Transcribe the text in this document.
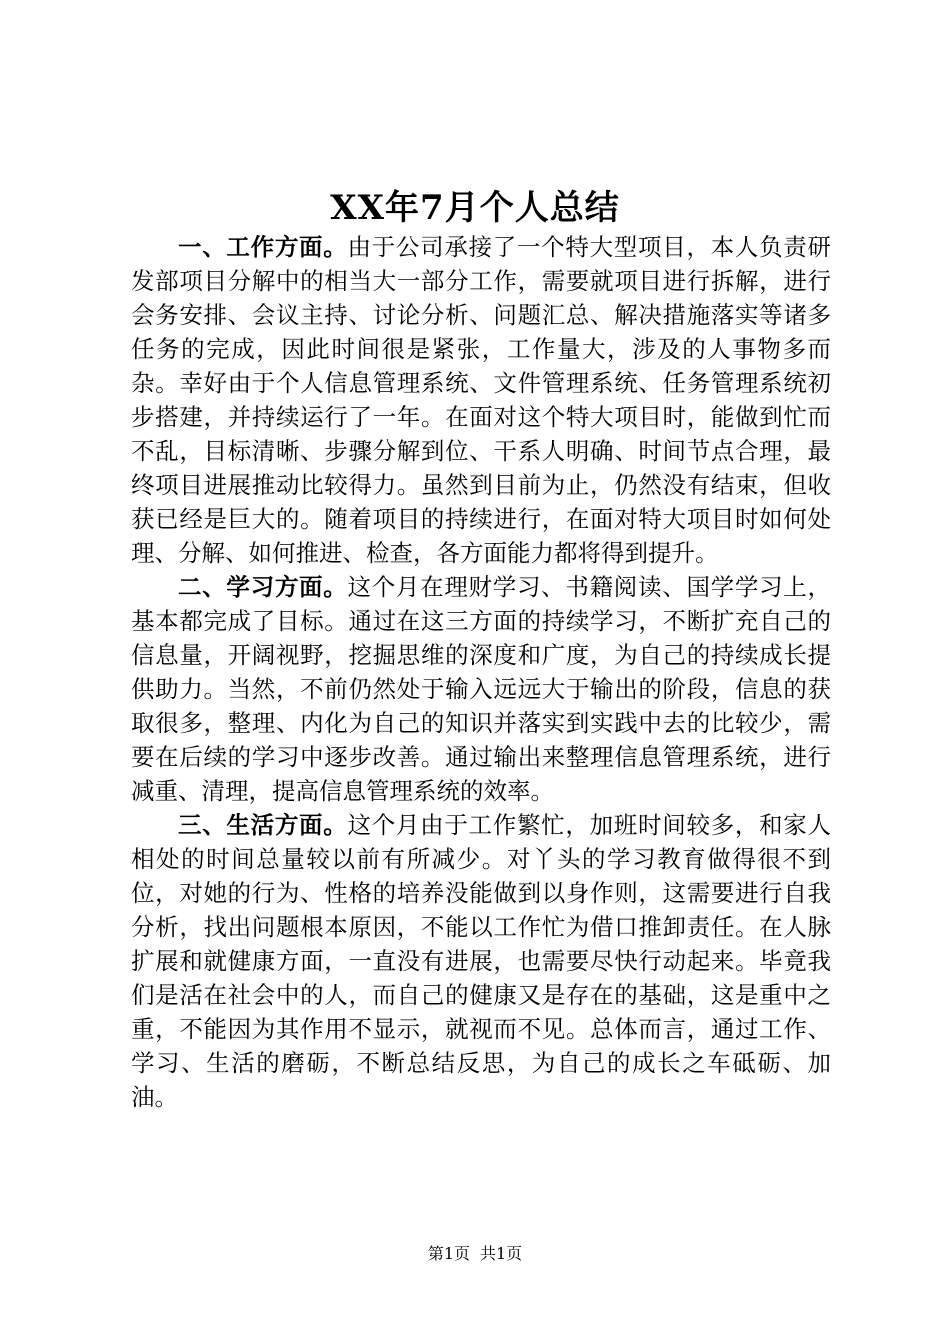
XX年7月个人总结

一、工作方面。由于公司承接了一个特大型项目，本人负责研发部项目分解中的相当大一部分工作，需要就项目进行拆解，进行会务安排、会议主持、讨论分析、问题汇总、解决措施落实等诸多任务的完成，因此时间很是紧张，工作量大，涉及的人事物多而杂。幸好由于个人信息管理系统、文件管理系统、任务管理系统初步搭建，并持续运行了一年。在面对这个特大项目时，能做到忙而不乱，目标清晰、步骤分解到位、干系人明确、时间节点合理，最终项目进展推动比较得力。虽然到目前为止，仍然没有结束，但收获已经是巨大的。随着项目的持续进行，在面对特大项目时如何处理、分解、如何推进、检查，各方面能力都将得到提升。

二、学习方面。这个月在理财学习、书籍阅读、国学学习上，基本都完成了目标。通过在这三方面的持续学习，不断扩充自己的信息量，开阔视野，挖掘思维的深度和广度，为自己的持续成长提供助力。当然，不前仍然处于输入远远大于输出的阶段，信息的获取很多，整理、内化为自己的知识并落实到实践中去的比较少，需要在后续的学习中逐步改善。通过输出来整理信息管理系统，进行减重、清理，提高信息管理系统的效率。

三、生活方面。这个月由于工作繁忙，加班时间较多，和家人相处的时间总量较以前有所减少。对丫头的学习教育做得很不到位，对她的行为、性格的培养没能做到以身作则，这需要进行自我分析，找出问题根本原因，不能以工作忙为借口推卸责任。在人脉扩展和就健康方面，一直没有进展，也需要尽快行动起来。毕竟我们是活在社会中的人，而自己的健康又是存在的基础，这是重中之重，不能因为其作用不显示，就视而不见。总体而言，通过工作、学习、生活的磨砺，不断总结反思，为自己的成长之车砥砺、加油。

第1页 共1页
